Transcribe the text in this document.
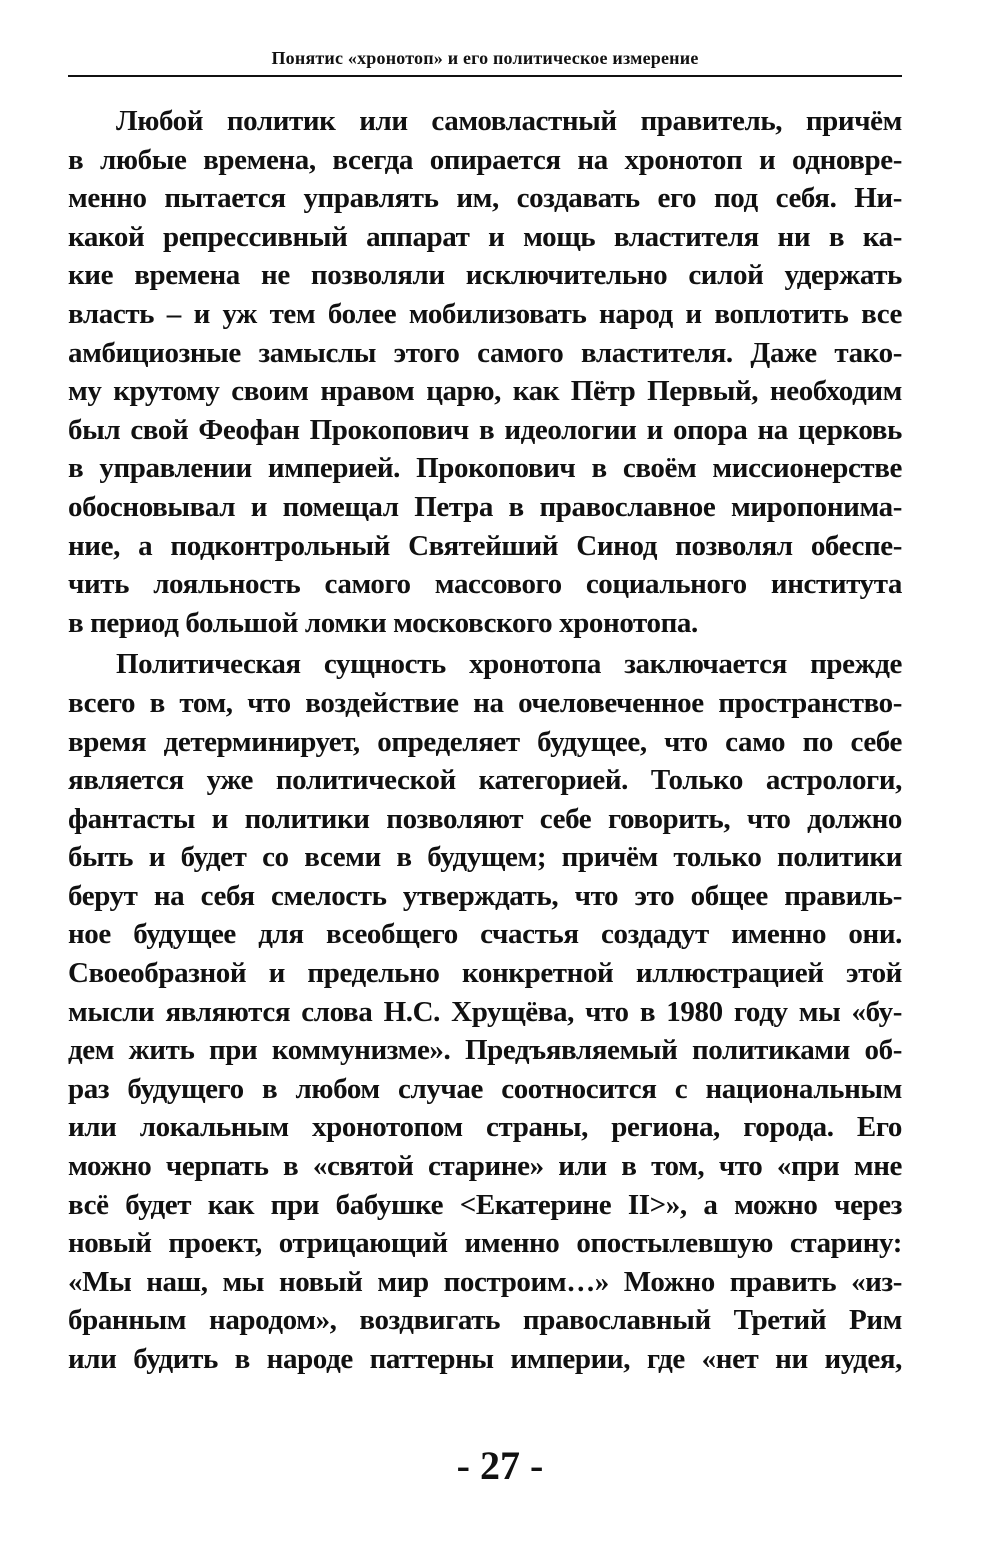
Понятис «хронотоп» и его политическое измерение
Любой политик или самовластный правитель, причём
в любые времена, всегда опирается на хронотоп и одновре-
менно пытается управлять им, создавать его под себя. Ни-
какой репрессивный аппарат и мощь властителя ни в ка-
кие времена не позволяли исключительно силой удержать
власть – и уж тем более мобилизовать народ и воплотить все
амбициозные замыслы этого самого властителя. Даже тако-
му крутому своим нравом царю, как Пётр Первый, необходим
был свой Феофан Прокопович в идеологии и опора на церковь
в управлении империей. Прокопович в своём миссионерстве
обосновывал и помещал Петра в православное миропонима-
ние, а подконтрольный Святейший Синод позволял обеспе-
чить лояльность самого массового социального института
в период большой ломки московского хронотопа.
Политическая сущность хронотопа заключается прежде
всего в том, что воздействие на очеловеченное пространство-
время детерминирует, определяет будущее, что само по себе
является уже политической категорией. Только астрологи,
фантасты и политики позволяют себе говорить, что должно
быть и будет со всеми в будущем; причём только политики
берут на себя смелость утверждать, что это общее правиль-
ное будущее для всеобщего счастья создадут именно они.
Своеобразной и предельно конкретной иллюстрацией этой
мысли являются слова Н.С. Хрущёва, что в 1980 году мы «бу-
дем жить при коммунизме». Предъявляемый политиками об-
раз будущего в любом случае соотносится с национальным
или локальным хронотопом страны, региона, города. Его
можно черпать в «святой старине» или в том, что «при мне
всё будет как при бабушке <Екатерине II>», а можно через
новый проект, отрицающий именно опостылевшую старину:
«Мы наш, мы новый мир построим…» Можно править «из-
бранным народом», воздвигать православный Третий Рим
или будить в народе паттерны империи, где «нет ни иудея,
- 27 -
